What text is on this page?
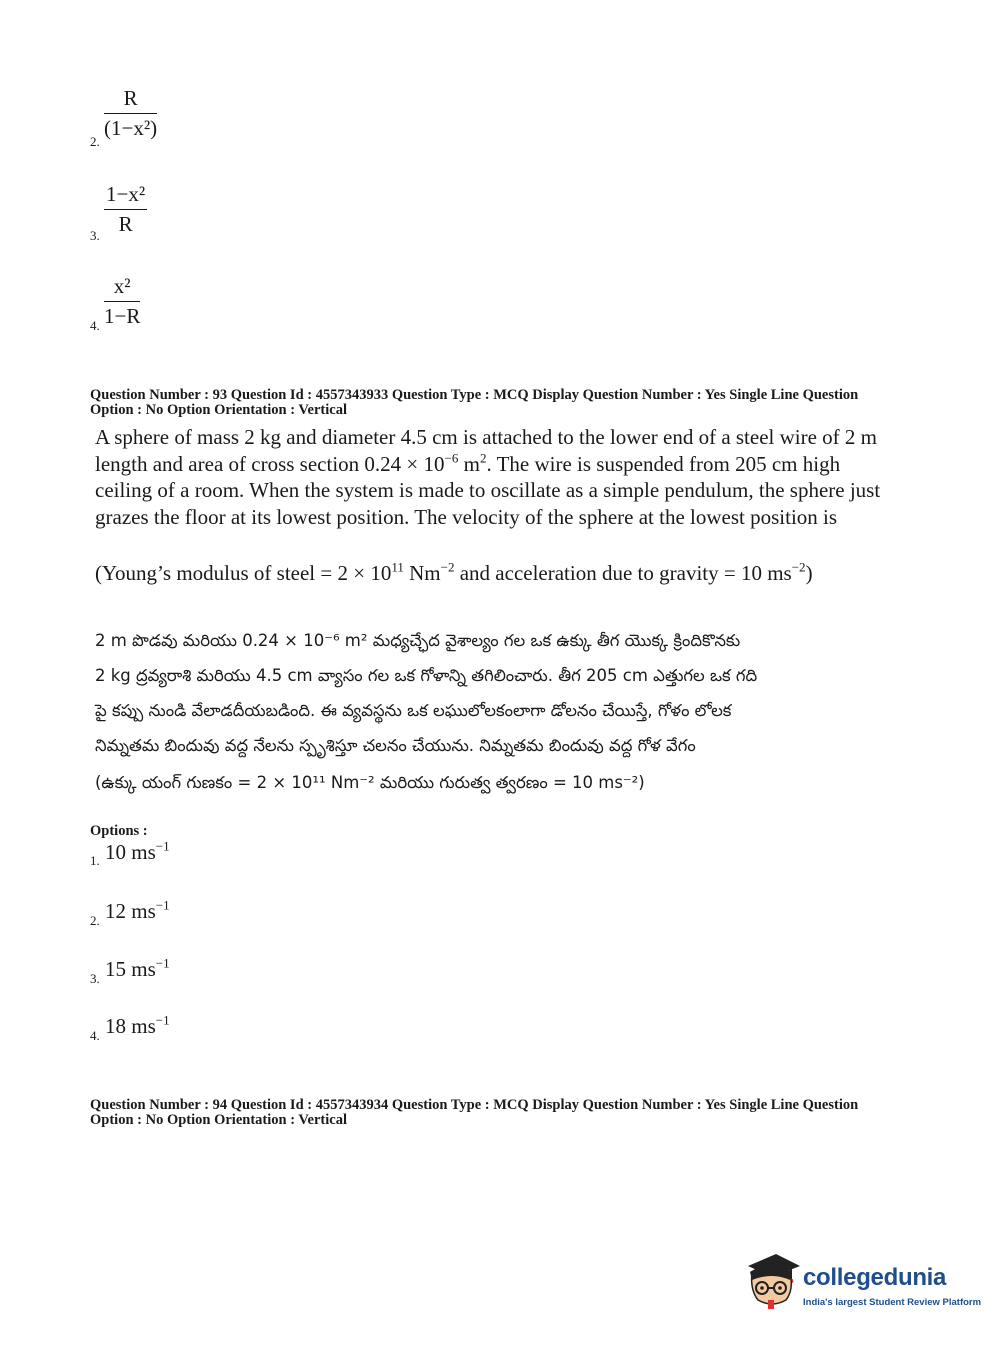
2.
$\frac{R}{\text{(1−x²)}}$
3.
$\frac{\text{1−x²}}{R}$
4. $\frac{\text{x²}}{1-R}$
Question Number : 93 Question Id : 4557343933 Question Type : MCQ Display Question Number : Yes Single Line Question
Option : No Option Orientation : Vertical
A sphere of mass 2 kg and diameter 4.5 cm is attached to the lower end of a steel wire of 2 m length and area of cross section $0.24 \times 10^{-6}$ $m^2$. The wire is suspended from 205 cm high ceiling of a room. When the system is made to oscillate as a simple pendulum, the sphere just grazes the floor at its lowest position. The velocity of the sphere at the lowest position is
(Young’s modulus of steel = $2 \times 10^{11}$ $Nm^{-2}$ and acceleration due to gravity = 10 $ms^{-2}$)
2 m పొడవు మరియు 0.24 × 10⁻⁶ m² మధ్యచ్ఛేద వైశాల్యం గల ఒక ఉక్కు తీగ యొక్క క్రిందికొనకు
2 kg ద్రవ్యరాశి మరియు 4.5 cm వ్యాసం గల ఒక గోళాన్ని తగిలించారు. తీగ 205 cm ఎత్తుగల ఒక గది
పై కప్పు నుండి వేలాడదీయబడింది. ఈ వ్యవస్థను ఒక లఘులోలకంలాగా డోలనం చేయిస్తే, గోళం లోలక
నిమ్నతమ బిందువు వద్ద నేలను స్పృశిస్తూ చలనం చేయును. నిమ్నతమ బిందువు వద్ద గోళ వేగం
(ఉక్కు యంగ్ గుణకం = 2 × 10¹¹ Nm⁻² మరియు గురుత్వ త్వరణం = 10 ms⁻²)
Options :
1. 10 $ms^{-1}$
2. 12 $ms^{-1}$
3. 15 $ms^{-1}$
4. 18 $ms^{-1}$
Question Number : 94 Question Id : 4557343934 Question Type : MCQ Display Question Number : Yes Single Line Question
Option : No Option Orientation : Vertical
collegedunia
India's largest Student Review Platform
